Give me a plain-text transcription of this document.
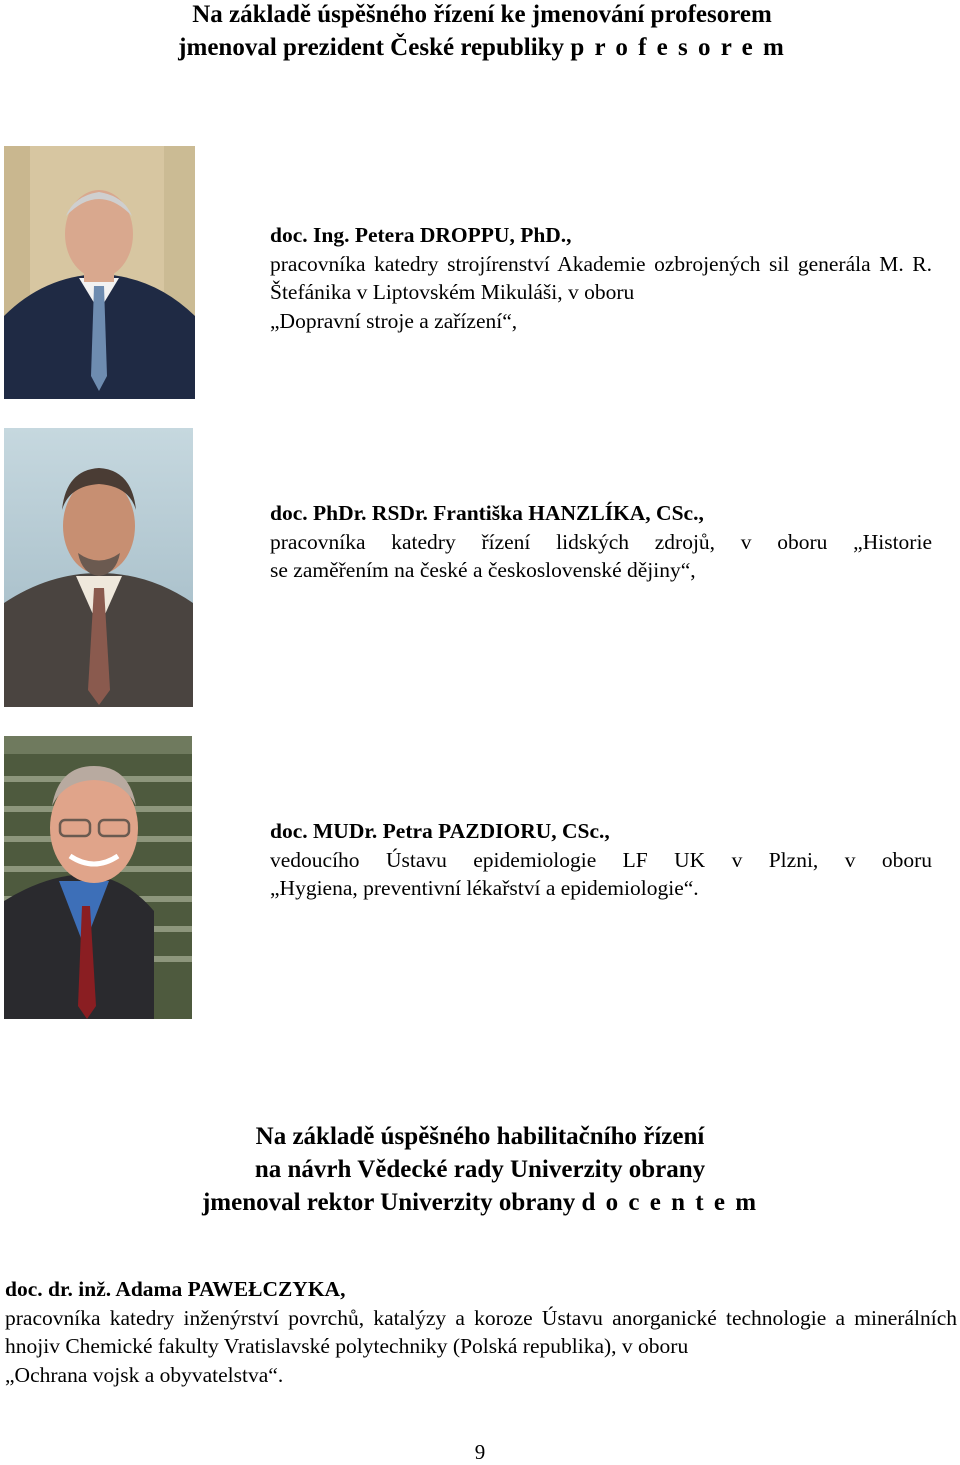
Na základě úspěšného řízení ke jmenování profesorem
jmenoval prezident České republiky p r o f e s o r e m
doc. Ing. Petera DROPPU, PhD.,
pracovníka katedry strojírenství Akademie ozbrojených sil generála M. R. Štefánika v Liptovském Mikuláši, v oboru
„Dopravní stroje a zařízení“,
doc. PhDr. RSDr. Františka HANZLÍKA, CSc.,
pracovníka katedry řízení lidských zdrojů, v oboru „Historie
se zaměřením na české a československé dějiny“,
doc. MUDr. Petra PAZDIORU, CSc.,
vedoucího Ústavu epidemiologie LF UK v Plzni, v oboru
„Hygiena, preventivní lékařství a epidemiologie“.
Na základě úspěšného habilitačního řízení
na návrh Vědecké rady Univerzity obrany
jmenoval rektor Univerzity obrany d o c e n t e m
doc. dr. inž. Adama PAWEŁCZYKA,
pracovníka katedry inženýrství povrchů, katalýzy a koroze Ústavu anorganické technologie a minerálních hnojiv Chemické fakulty Vratislavské polytechniky (Polská republika), v oboru
„Ochrana vojsk a obyvatelstva“.
9
